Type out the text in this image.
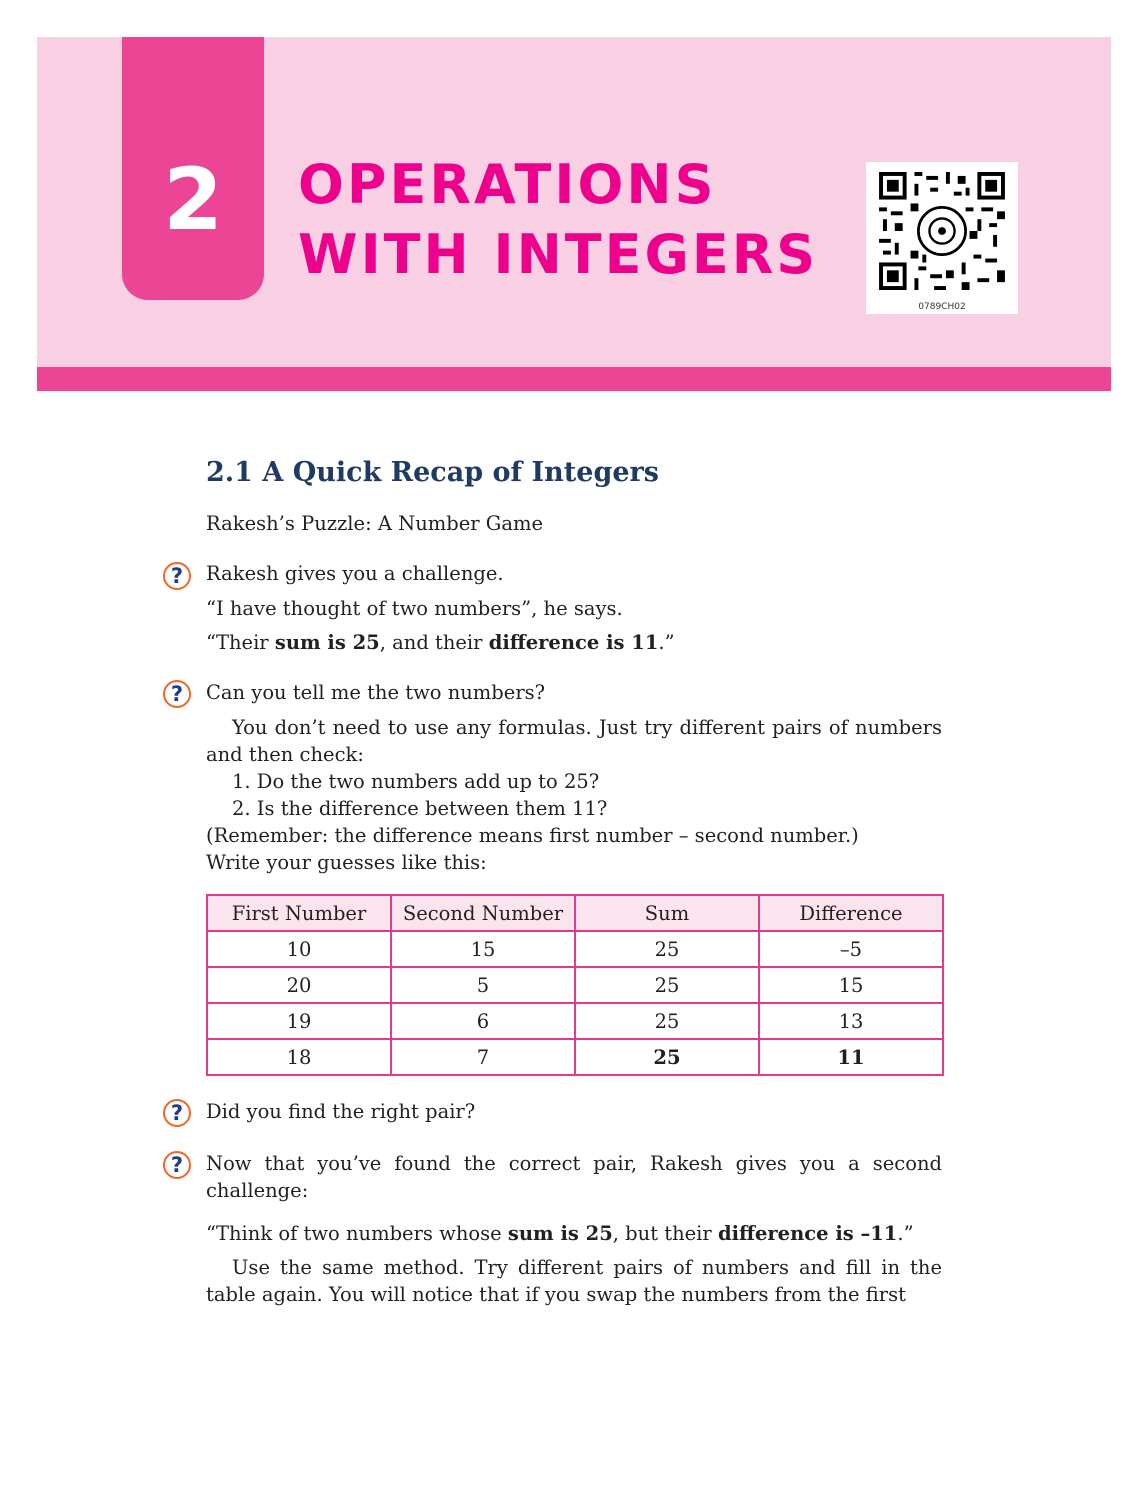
2	OPERATIONS
WITH INTEGERS
0789CH02
2.1 A Quick Recap of Integers
Rakesh’s Puzzle: A Number Game
?	Rakesh gives you a challenge.
“I have thought of two numbers”, he says.
“Their sum is 25, and their difference is 11.”
?	Can you tell me the two numbers?
You don’t need to use any formulas. Just try different pairs of numbers and then check:
1. Do the two numbers add up to 25?
2. Is the difference between them 11?
(Remember: the difference means first number – second number.)
Write your guesses like this:
First Number	Second Number	Sum	Difference
10	15	25	–5
20	5	25	15
19	6	25	13
18	7	25	11
?	Did you find the right pair?
?	Now that you’ve found the correct pair, Rakesh gives you a second challenge:
“Think of two numbers whose sum is 25, but their difference is –11.”
Use the same method. Try different pairs of numbers and fill in the table again. You will notice that if you swap the numbers from the first
